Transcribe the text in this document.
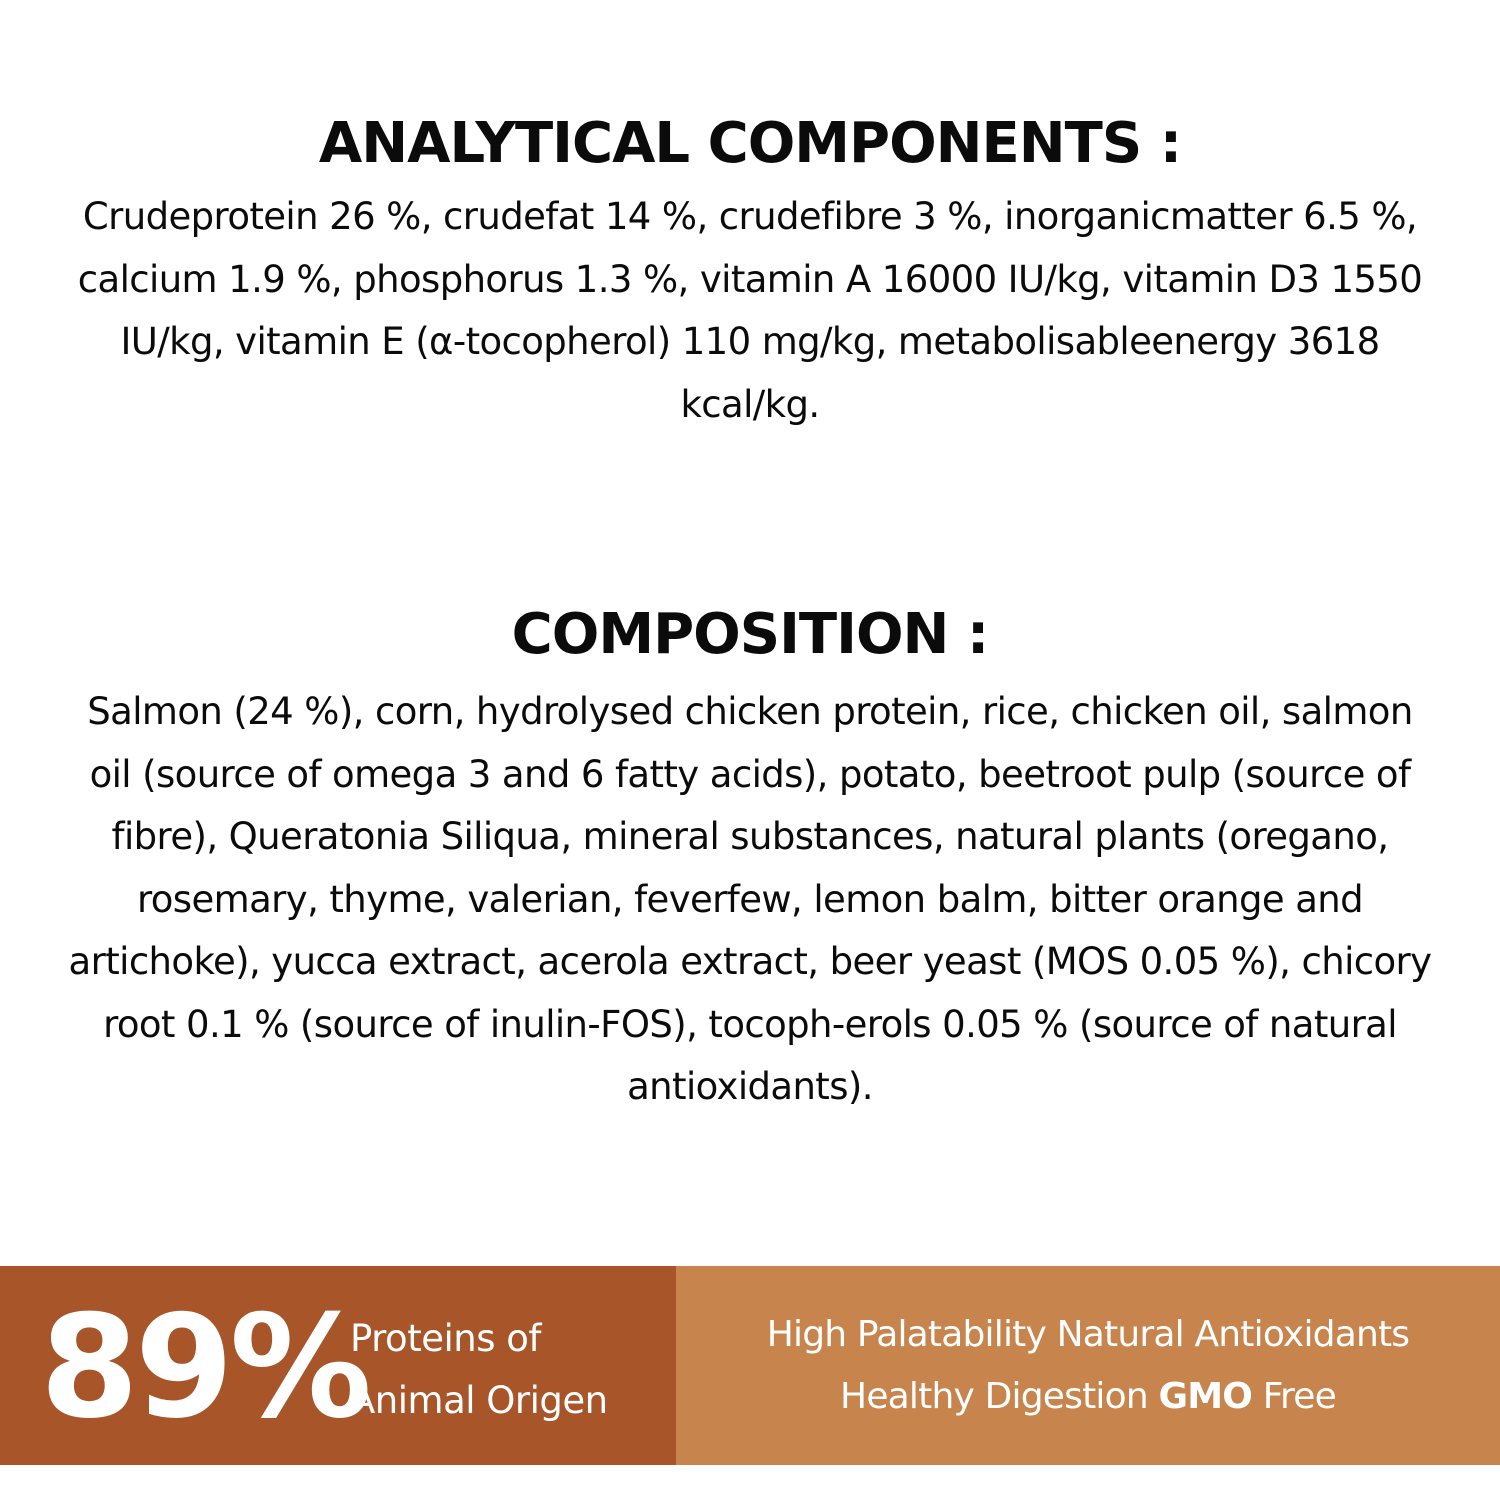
ANALYTICAL COMPONENTS :

Crudeprotein 26 %, crudefat 14 %, crudefibre 3 %, inorganicmatter 6.5 %, calcium 1.9 %, phosphorus 1.3 %, vitamin A 16000 IU/kg, vitamin D3 1550 IU/kg, vitamin E (α-tocopherol) 110 mg/kg, metabolisableenergy 3618 kcal/kg.

COMPOSITION :

Salmon (24 %), corn, hydrolysed chicken protein, rice, chicken oil, salmon oil (source of omega 3 and 6 fatty acids), potato, beetroot pulp (source of fibre), Queratonia Siliqua, mineral substances, natural plants (oregano, rosemary, thyme, valerian, feverfew, lemon balm, bitter orange and artichoke), yucca extract, acerola extract, beer yeast (MOS 0.05 %), chicory root 0.1 % (source of inulin-FOS), tocoph-erols 0.05 % (source of natural antioxidants).

89%
Proteins of
Animal Origen
High Palatability Natural Antioxidants
Healthy Digestion GMO Free
